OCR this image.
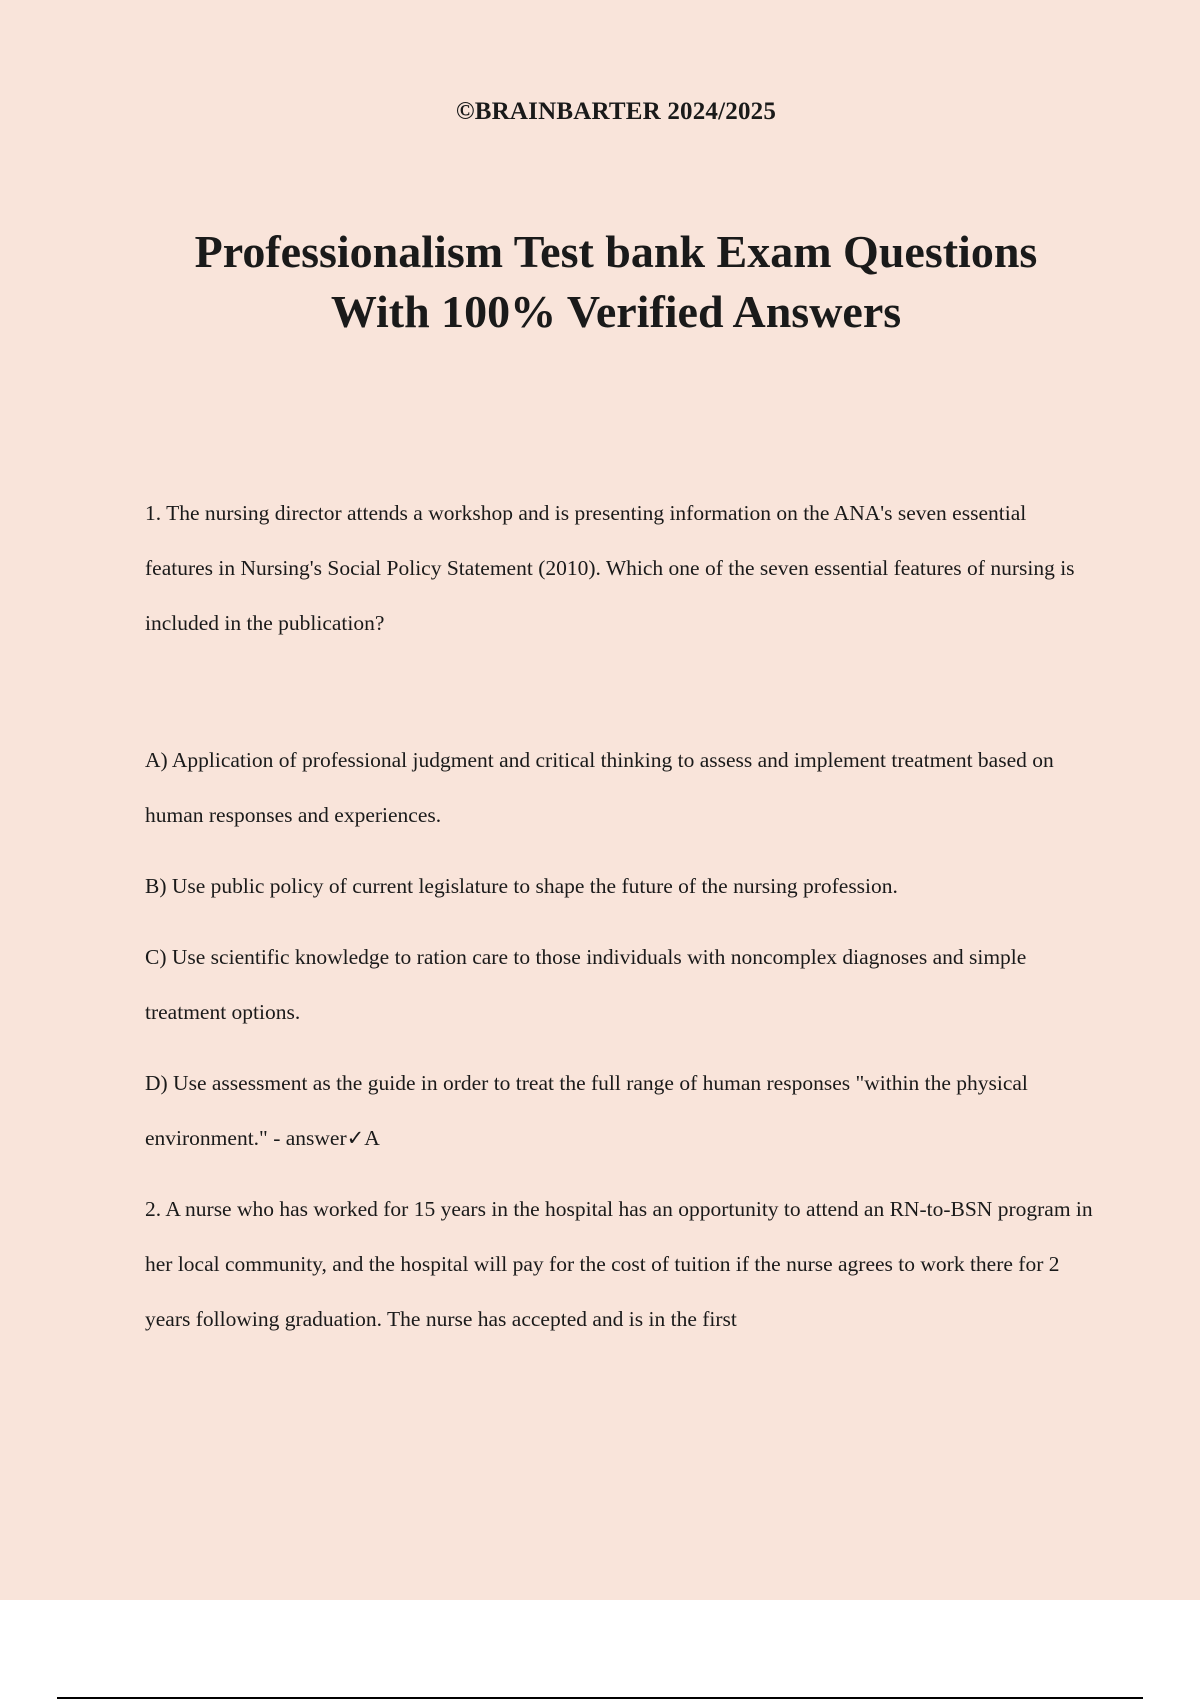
©BRAINBARTER 2024/2025
Professionalism Test bank Exam Questions
With 100% Verified Answers

1. The nursing director attends a workshop and is presenting information on the ANA's seven essential features in Nursing's Social Policy Statement (2010). Which one of the seven essential features of nursing is included in the publication?

A) Application of professional judgment and critical thinking to assess and implement treatment based on human responses and experiences.

B) Use public policy of current legislature to shape the future of the nursing profession.

C) Use scientific knowledge to ration care to those individuals with noncomplex diagnoses and simple treatment options.

D) Use assessment as the guide in order to treat the full range of human responses "within the physical environment." - answer✓A

2. A nurse who has worked for 15 years in the hospital has an opportunity to attend an RN-to-BSN program in her local community, and the hospital will pay for the cost of tuition if the nurse agrees to work there for 2 years following graduation. The nurse has accepted and is in the first
